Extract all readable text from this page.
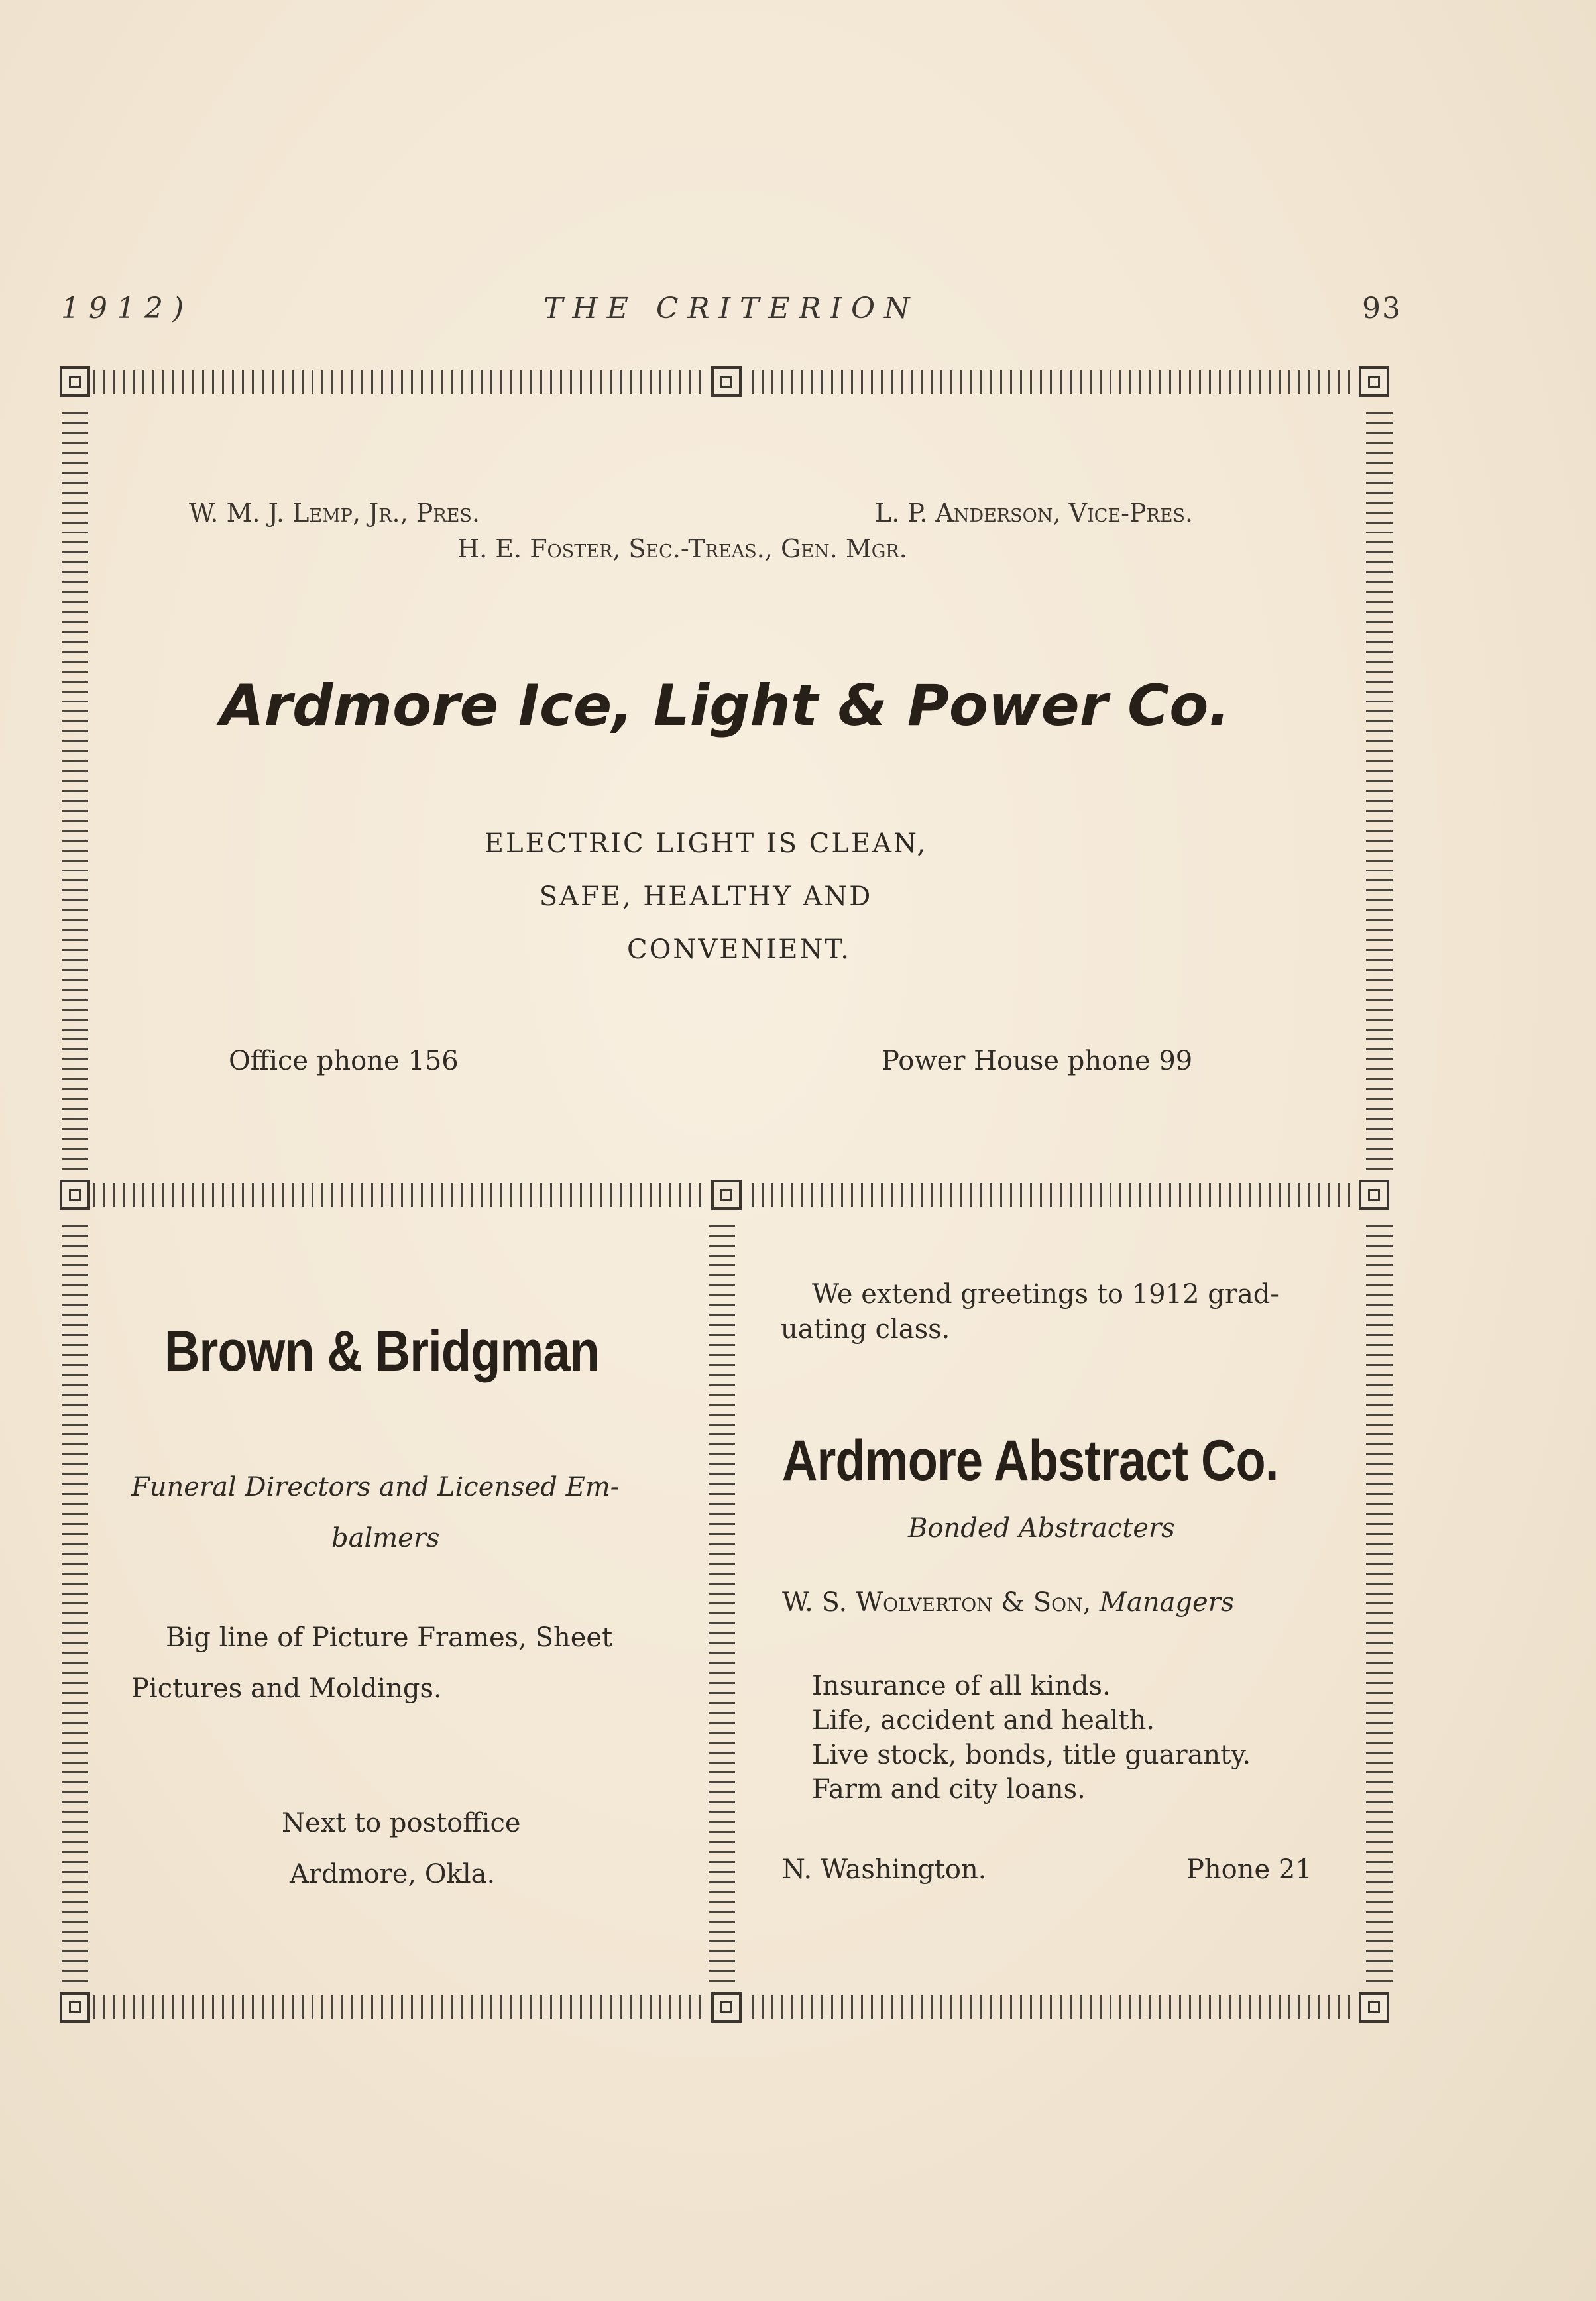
1912)	THE CRITERION	93
W. M. J. Lemp, Jr., Pres.	L. P. Anderson, Vice-Pres.
H. E. Foster, Sec.-Treas., Gen. Mgr.
Ardmore Ice, Light & Power Co.
ELECTRIC LIGHT IS CLEAN,
SAFE, HEALTHY AND
CONVENIENT.
Office phone 156	Power House phone 99
Brown & Bridgman
Funeral Directors and Licensed Em-
balmers
Big line of Picture Frames, Sheet
Pictures and Moldings.
Next to postoffice
Ardmore, Okla.
We extend greetings to 1912 grad-
uating class.
Ardmore Abstract Co.
Bonded Abstracters
W. S. Wolverton & Son, Managers
Insurance of all kinds.
Life, accident and health.
Live stock, bonds, title guaranty.
Farm and city loans.
N. Washington.	Phone 21
